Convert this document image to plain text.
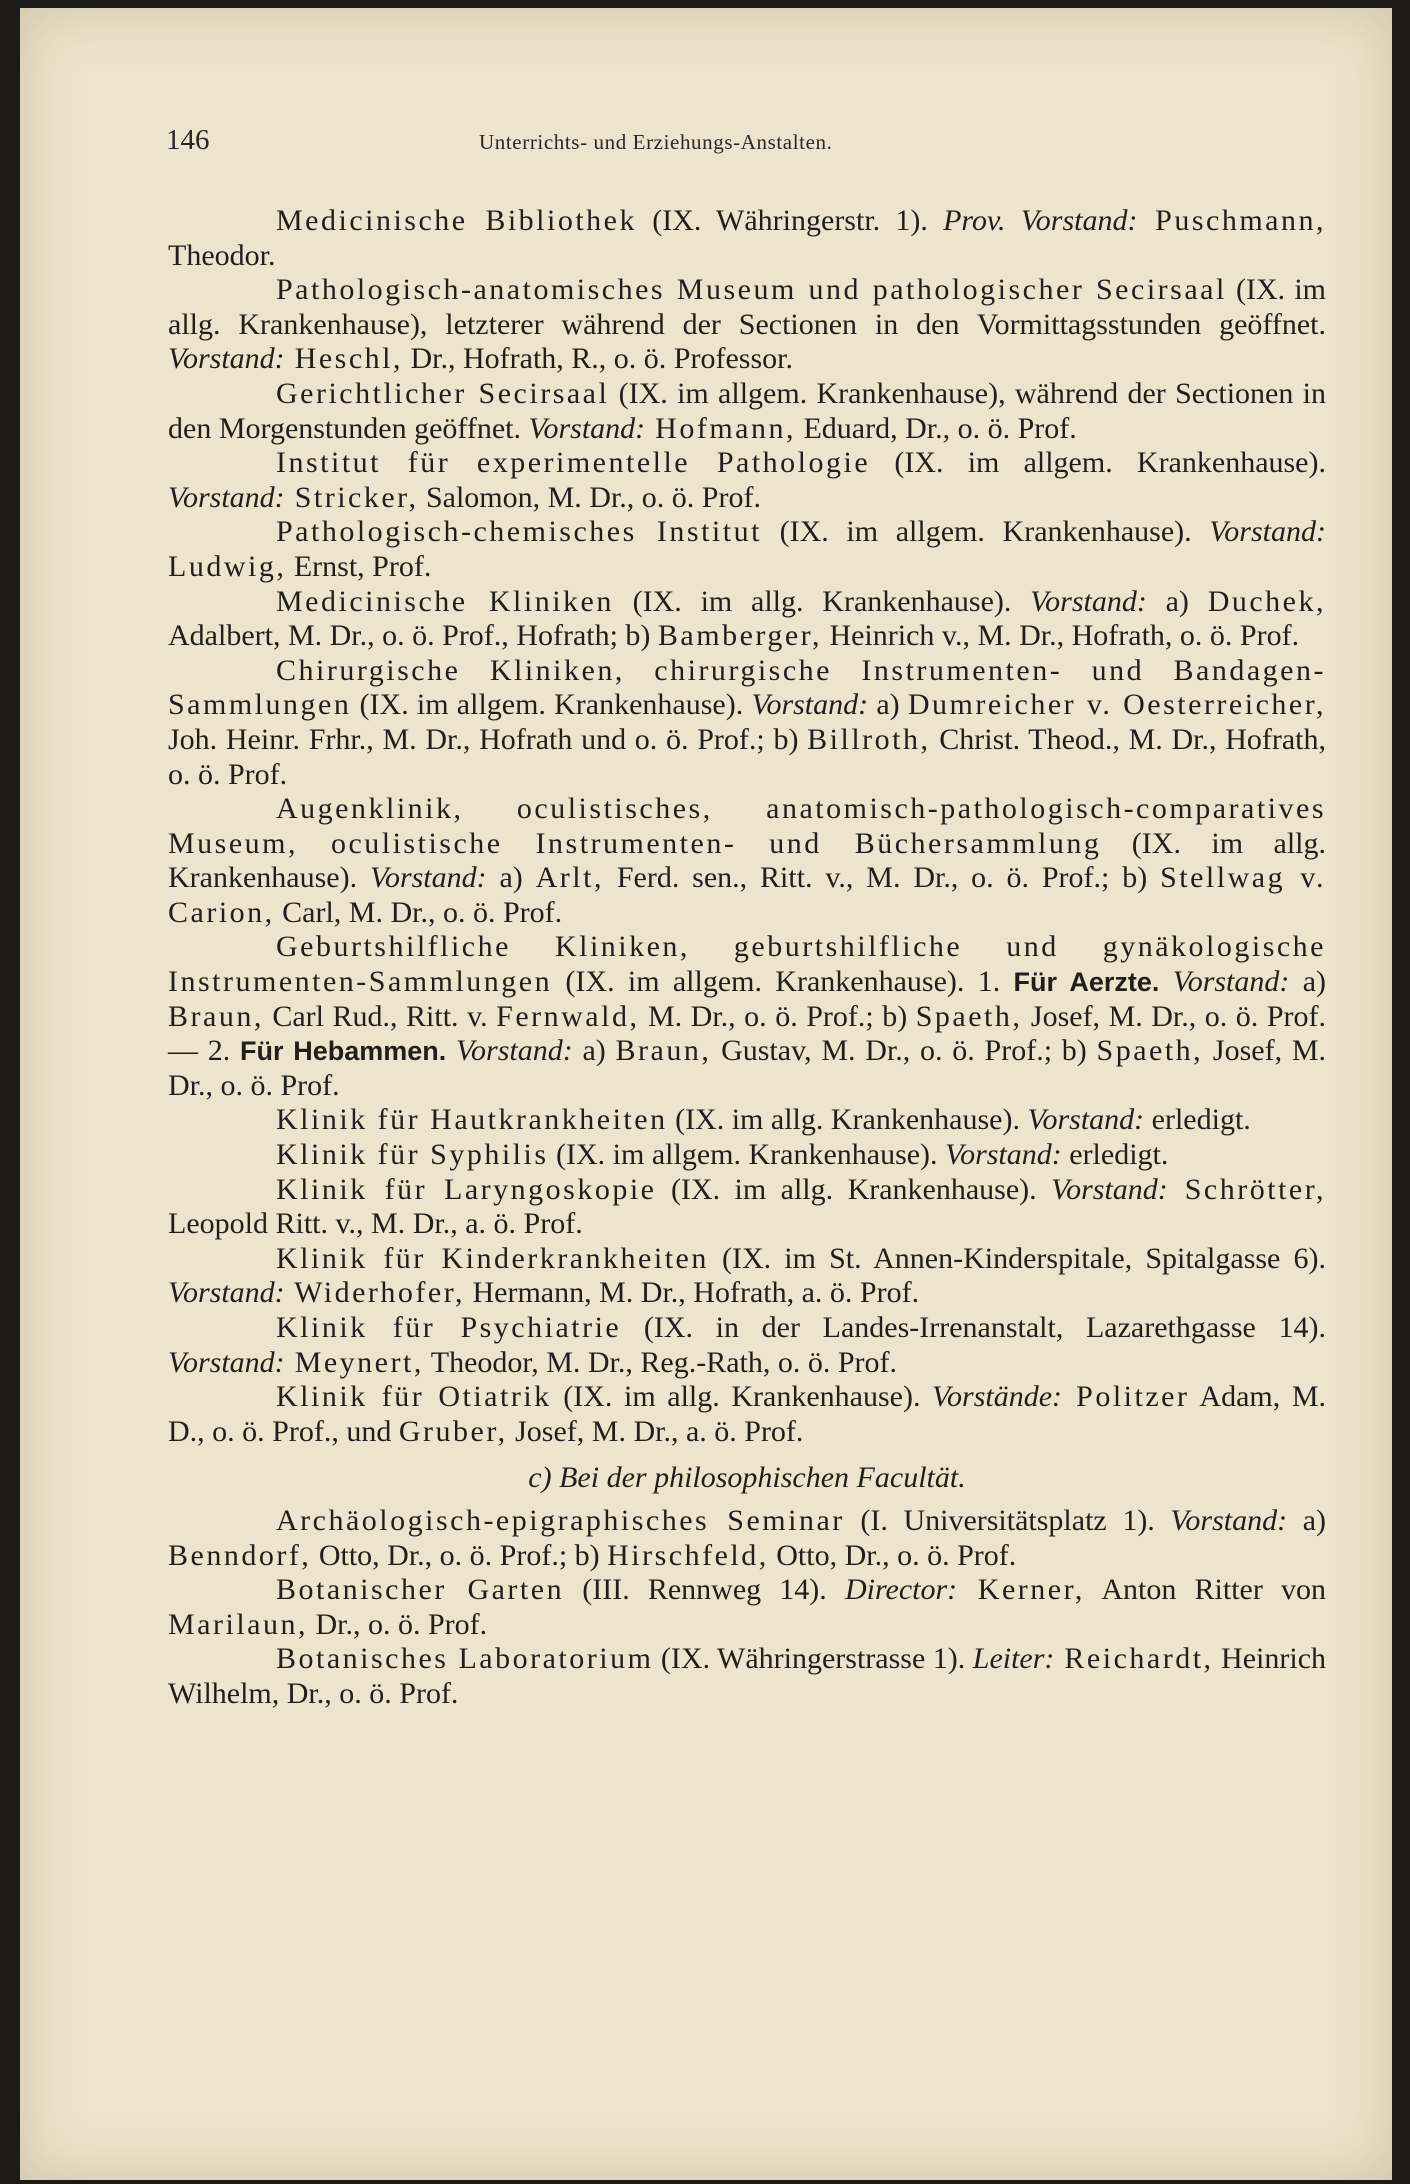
146	Unterrichts- und Erziehungs-Anstalten.

Medicinische Bibliothek (IX. Währingerstr. 1). Prov. Vorstand: Puschmann, Theodor.

Pathologisch-anatomisches Museum und pathologischer Secirsaal (IX. im allg. Krankenhause), letzterer während der Sectionen in den Vormittagsstunden geöffnet. Vorstand: Heschl, Dr., Hofrath, R., o. ö. Professor.

Gerichtlicher Secirsaal (IX. im allgem. Krankenhause), während der Sectionen in den Morgenstunden geöffnet. Vorstand: Hofmann, Eduard, Dr., o. ö. Prof.

Institut für experimentelle Pathologie (IX. im allgem. Krankenhause). Vorstand: Stricker, Salomon, M. Dr., o. ö. Prof.

Pathologisch-chemisches Institut (IX. im allgem. Krankenhause). Vorstand: Ludwig, Ernst, Prof.

Medicinische Kliniken (IX. im allg. Krankenhause). Vorstand: a) Duchek, Adalbert, M. Dr., o. ö. Prof., Hofrath; b) Bamberger, Heinrich v., M. Dr., Hofrath, o. ö. Prof.

Chirurgische Kliniken, chirurgische Instrumenten- und Bandagen-Sammlungen (IX. im allgem. Krankenhause). Vorstand: a) Dumreicher v. Oesterreicher, Joh. Heinr. Frhr., M. Dr., Hofrath und o. ö. Prof.; b) Billroth, Christ. Theod., M. Dr., Hofrath, o. ö. Prof.

Augenklinik, oculistisches, anatomisch-pathologisch-comparatives Museum, oculistische Instrumenten- und Büchersammlung (IX. im allg. Krankenhause). Vorstand: a) Arlt, Ferd. sen., Ritt. v., M. Dr., o. ö. Prof.; b) Stellwag v. Carion, Carl, M. Dr., o. ö. Prof.

Geburtshilfliche Kliniken, geburtshilfliche und gynäkologische Instrumenten-Sammlungen (IX. im allgem. Krankenhause). 1. Für Aerzte. Vorstand: a) Braun, Carl Rud., Ritt. v. Fernwald, M. Dr., o. ö. Prof.; b) Spaeth, Josef, M. Dr., o. ö. Prof. — 2. Für Hebammen. Vorstand: a) Braun, Gustav, M. Dr., o. ö. Prof.; b) Spaeth, Josef, M. Dr., o. ö. Prof.

Klinik für Hautkrankheiten (IX. im allg. Krankenhause). Vorstand: erledigt.

Klinik für Syphilis (IX. im allgem. Krankenhause). Vorstand: erledigt.

Klinik für Laryngoskopie (IX. im allg. Krankenhause). Vorstand: Schrötter, Leopold Ritt. v., M. Dr., a. ö. Prof.

Klinik für Kinderkrankheiten (IX. im St. Annen-Kinderspitale, Spitalgasse 6). Vorstand: Widerhofer, Hermann, M. Dr., Hofrath, a. ö. Prof.

Klinik für Psychiatrie (IX. in der Landes-Irrenanstalt, Lazarethgasse 14). Vorstand: Meynert, Theodor, M. Dr., Reg.-Rath, o. ö. Prof.

Klinik für Otiatrik (IX. im allg. Krankenhause). Vorstände: Politzer Adam, M. D., o. ö. Prof., und Gruber, Josef, M. Dr., a. ö. Prof.

c) Bei der philosophischen Facultät.

Archäologisch-epigraphisches Seminar (I. Universitätsplatz 1). Vorstand: a) Benndorf, Otto, Dr., o. ö. Prof.; b) Hirschfeld, Otto, Dr., o. ö. Prof.

Botanischer Garten (III. Rennweg 14). Director: Kerner, Anton Ritter von Marilaun, Dr., o. ö. Prof.

Botanisches Laboratorium (IX. Währingerstrasse 1). Leiter: Reichardt, Heinrich Wilhelm, Dr., o. ö. Prof.
